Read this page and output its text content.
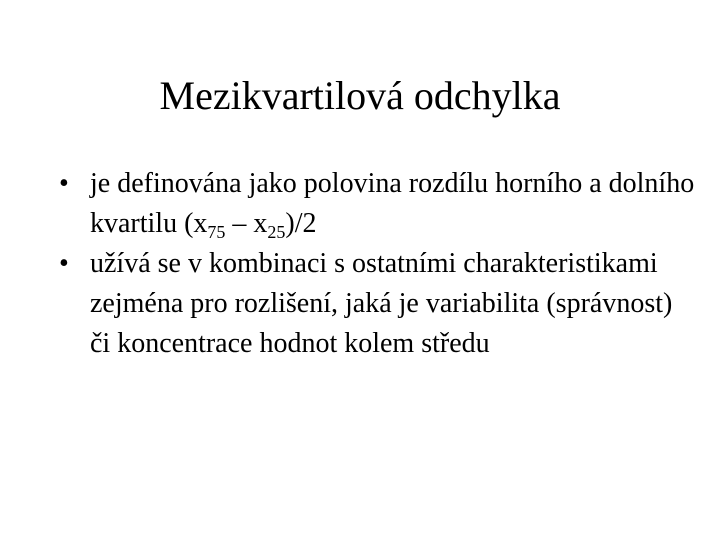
Mezikvartilová odchylka
• je definována jako polovina rozdílu horního a dolního kvartilu $(x_{75} - x_{25})/2$
• užívá se v kombinaci s ostatními charakteristikami zejména pro rozlišení, jaká je variabilita (správnost) či koncentrace hodnot kolem středu
